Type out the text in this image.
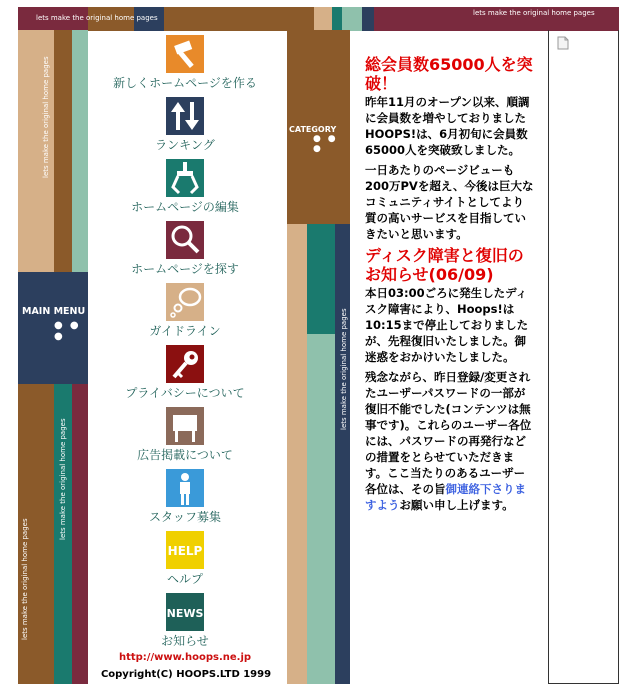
lets make the original home pages
lets make the original home pages
lets make the original home pages
lets make the original home pages
lets make the original home pages
MAIN MENU
● ● ●
新しくホームページを作る
ランキング
ホームページの編集
ホームページを探す
ガイドライン
プライバシーについて
広告掲載について
スタッフ募集
HELP
ヘルプ
NEWS
お知らせ
http://www.hoops.ne.jp
Copyright(C) HOOPS.LTD 1999
CATEGORY
● ● ●
lets make the original home pages
総会員数65000人を突破！

昨年11月のオープン以来、順調に会員数を増やしておりましたHOOPS!は、6月初旬に会員数65000人を突破致しました。

一日あたりのページビューも200万PVを超え、今後は巨大なコミュニティサイトとしてより質の高いサービスを目指していきたいと思います。

ディスク障害と復旧のお知らせ(06/09)

本日03:00ごろに発生したディスク障害により、Hoops!は10:15まで停止しておりましたが、先程復旧いたしました。御迷惑をおかけいたしました。

残念ながら、昨日登録/変更されたユーザーパスワードの一部が復旧不能でした(コンテンツは無事です)。これらのユーザー各位には、パスワードの再発行などの措置をとらせていただきます。ここ当たりのあるユーザー各位は、その旨御連絡下さりますようお願い申し上げます。
